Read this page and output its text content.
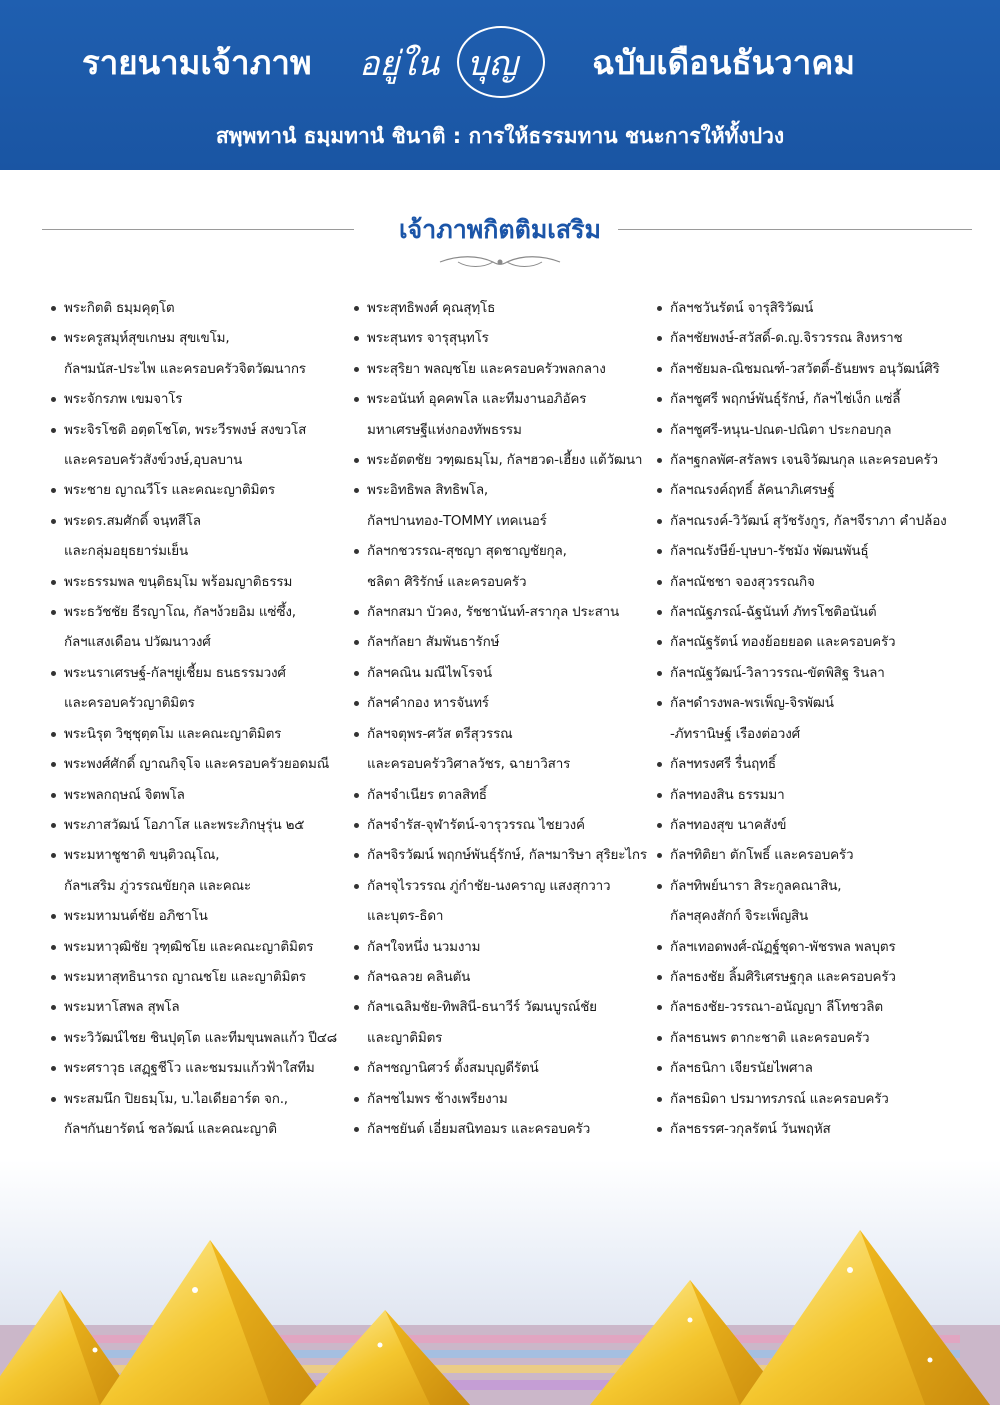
รายนามเจ้าภาพ อยู่ใน บุญ ฉบับเดือนธันวาคม
สพฺพทานํ ธมฺมทานํ ชินาติ : การให้ธรรมทาน ชนะการให้ทั้งปวง
เจ้าภาพกิตติมเสริม
พระกิตติ ธมฺมคุตฺโต
พระครูสมุห์สุขเกษม สุขเขโม,
กัลฯมนัส-ประไพ และครอบครัวจิตวัฒนากร
พระจักรภพ เขมจาโร
พระจิรโชติ อตฺตโชโต, พระวีรพงษ์ สงขวโส
และครอบครัวสังข์วงษ์,อุบลบาน
พระชาย ญาณวีโร และคณะญาติมิตร
พระดร.สมศักดิ์ จนฺทสีโล
และกลุ่มอยุธยาร่มเย็น
พระธรรมพล ขนฺติธมฺโม พร้อมญาติธรรม
พระธวัชชัย ธีรญาโณ, กัลฯง้วยอิม แซ่ซึ้ง,
กัลฯแสงเดือน ปวัฒนาวงศ์
พระนราเศรษฐ์-กัลฯยู่เชี้ยม ธนธรรมวงศ์
และครอบครัวญาติมิตร
พระนิรุต วิชฺชุตฺตโม และคณะญาติมิตร
พระพงศ์ศักดิ์ ญาณกิจฺโจ และครอบครัวยอดมณี
พระพลกฤษณ์ จิตพโล
พระภาสวัฒน์ โอภาโส และพระภิกษุรุ่น ๒๕
พระมหาชูชาติ ขนฺติวณฺโณ,
กัลฯเสริม ภู่วรรณขัยกุล และคณะ
พระมหามนต์ชัย อภิชาโน
พระมหาวุฒิชัย วุฑฺฒิชโย และคณะญาติมิตร
พระมหาสุทธินารถ ญาณชโย และญาติมิตร
พระมหาโสพล สุพโล
พระวิวัฒน์ไชย ชินปุตฺโต และทีมขุนพลแก้ว ปี๔๘
พระศราวุธ เสฏฺฐชีโว และชมรมแก้วฟ้าใสทีม
พระสมนึก ปิยธมฺโม, บ.ไอเดียอาร์ต จก.,
กัลฯกันยารัตน์ ชลวัฒน์ และคณะญาติ
พระสุทธิพงศ์ คุณสุทฺโธ
พระสุนทร จารุสุนฺทโร
พระสุริยา พลญฺชโย และครอบครัวพลกลาง
พระอนันท์ อุคคพโล และทีมงานอภิอัคร
มหาเศรษฐีแห่งกองทัพธรรม
พระอัตตชัย วฑฺฒธมฺโม, กัลฯฮวด-เฮี้ยง แต้วัฒนา
พระอิทธิพล สิทธิพโล,
กัลฯปานทอง-TOMMY เทคเนอร์
กัลฯกชวรรณ-สุชญา สุดชาญชัยกุล,
ชลิตา ศิริรักษ์ และครอบครัว
กัลฯกสมา บัวคง, รัชชานันท์-สรากุล ประสาน
กัลฯกัลยา สัมพันธารักษ์
กัลฯคณิน มณีไพโรจน์
กัลฯคำกอง หารจันทร์
กัลฯจตุพร-ศวัส ตรีสุวรรณ
และครอบครัววิศาลวัชร, ฉายาวิสาร
กัลฯจำเนียร ตาลสิทธิ์
กัลฯจำรัส-จุฬารัตน์-จารุวรรณ ไชยวงค์
กัลฯจิรวัฒน์ พฤกษ์พันธุ์รักษ์, กัลฯมาริษา สุริยะไกร
กัลฯจุไรวรรณ ภู่กำชัย-นงคราญ แสงสุกวาว
และบุตร-ธิดา
กัลฯใจหนึ่ง นวมงาม
กัลฯฉลวย คลินตัน
กัลฯเฉลิมชัย-ทิพสินี-ธนาวีร์ วัฒนบูรณ์ชัย
และญาติมิตร
กัลฯชญานิศวร์ ตั้งสมบุญดีรัตน์
กัลฯชไมพร ช้างเพรียงาม
กัลฯชยันต์ เอี่ยมสนิทอมร และครอบครัว
กัลฯชวันรัตน์ จารุสิริวัฒน์
กัลฯชัยพงษ์-สวัสดิ์-ด.ญ.จิรวรรณ สิงหราช
กัลฯชัยมล-ณิชมณฑ์-วสวัตติ์-ธันยพร อนุวัฒน์ศิริ
กัลฯชูศรี พฤกษ์พันธุ์รักษ์, กัลฯไช่เง็ก แซ่ลี้
กัลฯชูศรี-หนุน-ปณต-ปณิตา ประกอบกุล
กัลฯฐกลพัศ-สรัลพร เจนจิวัฒนกุล และครอบครัว
กัลฯณรงค์ฤทธิ์ ลัคนาภิเศรษฐ์
กัลฯณรงค์-วิวัฒน์ สุวัชรังกูร, กัลฯจีราภา คำปล้อง
กัลฯณรังษีย์-บุษบา-รัชมัง พัฒนพันธุ์
กัลฯณัชชา จองสุวรรณกิจ
กัลฯณัฐภรณ์-ฉัฐนันท์ ภัทรโชติอนันต์
กัลฯณัฐรัตน์ ทองย้อยยอด และครอบครัว
กัลฯณัฐวัฒน์-วิลาวรรณ-ขัตพิสิฐ รินลา
กัลฯดำรงพล-พรเพ็ญ-จิรพัฒน์
-ภัทรานิษฐ์ เรืองต่อวงศ์
กัลฯทรงศรี รื่นฤทธิ์
กัลฯทองสิน ธรรมมา
กัลฯทองสุข นาคสังข์
กัลฯทิติยา ตักโพธิ์ และครอบครัว
กัลฯทิพย์นารา สิระกูลคณาสิน,
กัลฯสุคงสักก์ จิระเพ็ญสิน
กัลฯเทอดพงศ์-ณัฏฐ์ชุดา-พัชรพล พลบุตร
กัลฯธงชัย ลิ้มศิริเศรษฐกุล และครอบครัว
กัลฯธงชัย-วรรณา-อนัญญา ลีโทชวลิต
กัลฯธนพร ตากะชาติ และครอบครัว
กัลฯธนิกา เจียรนัยไพศาล
กัลฯธมิดา ปรมาทรภรณ์ และครอบครัว
กัลฯธรรศ-วกุลรัตน์ วันพฤหัส
